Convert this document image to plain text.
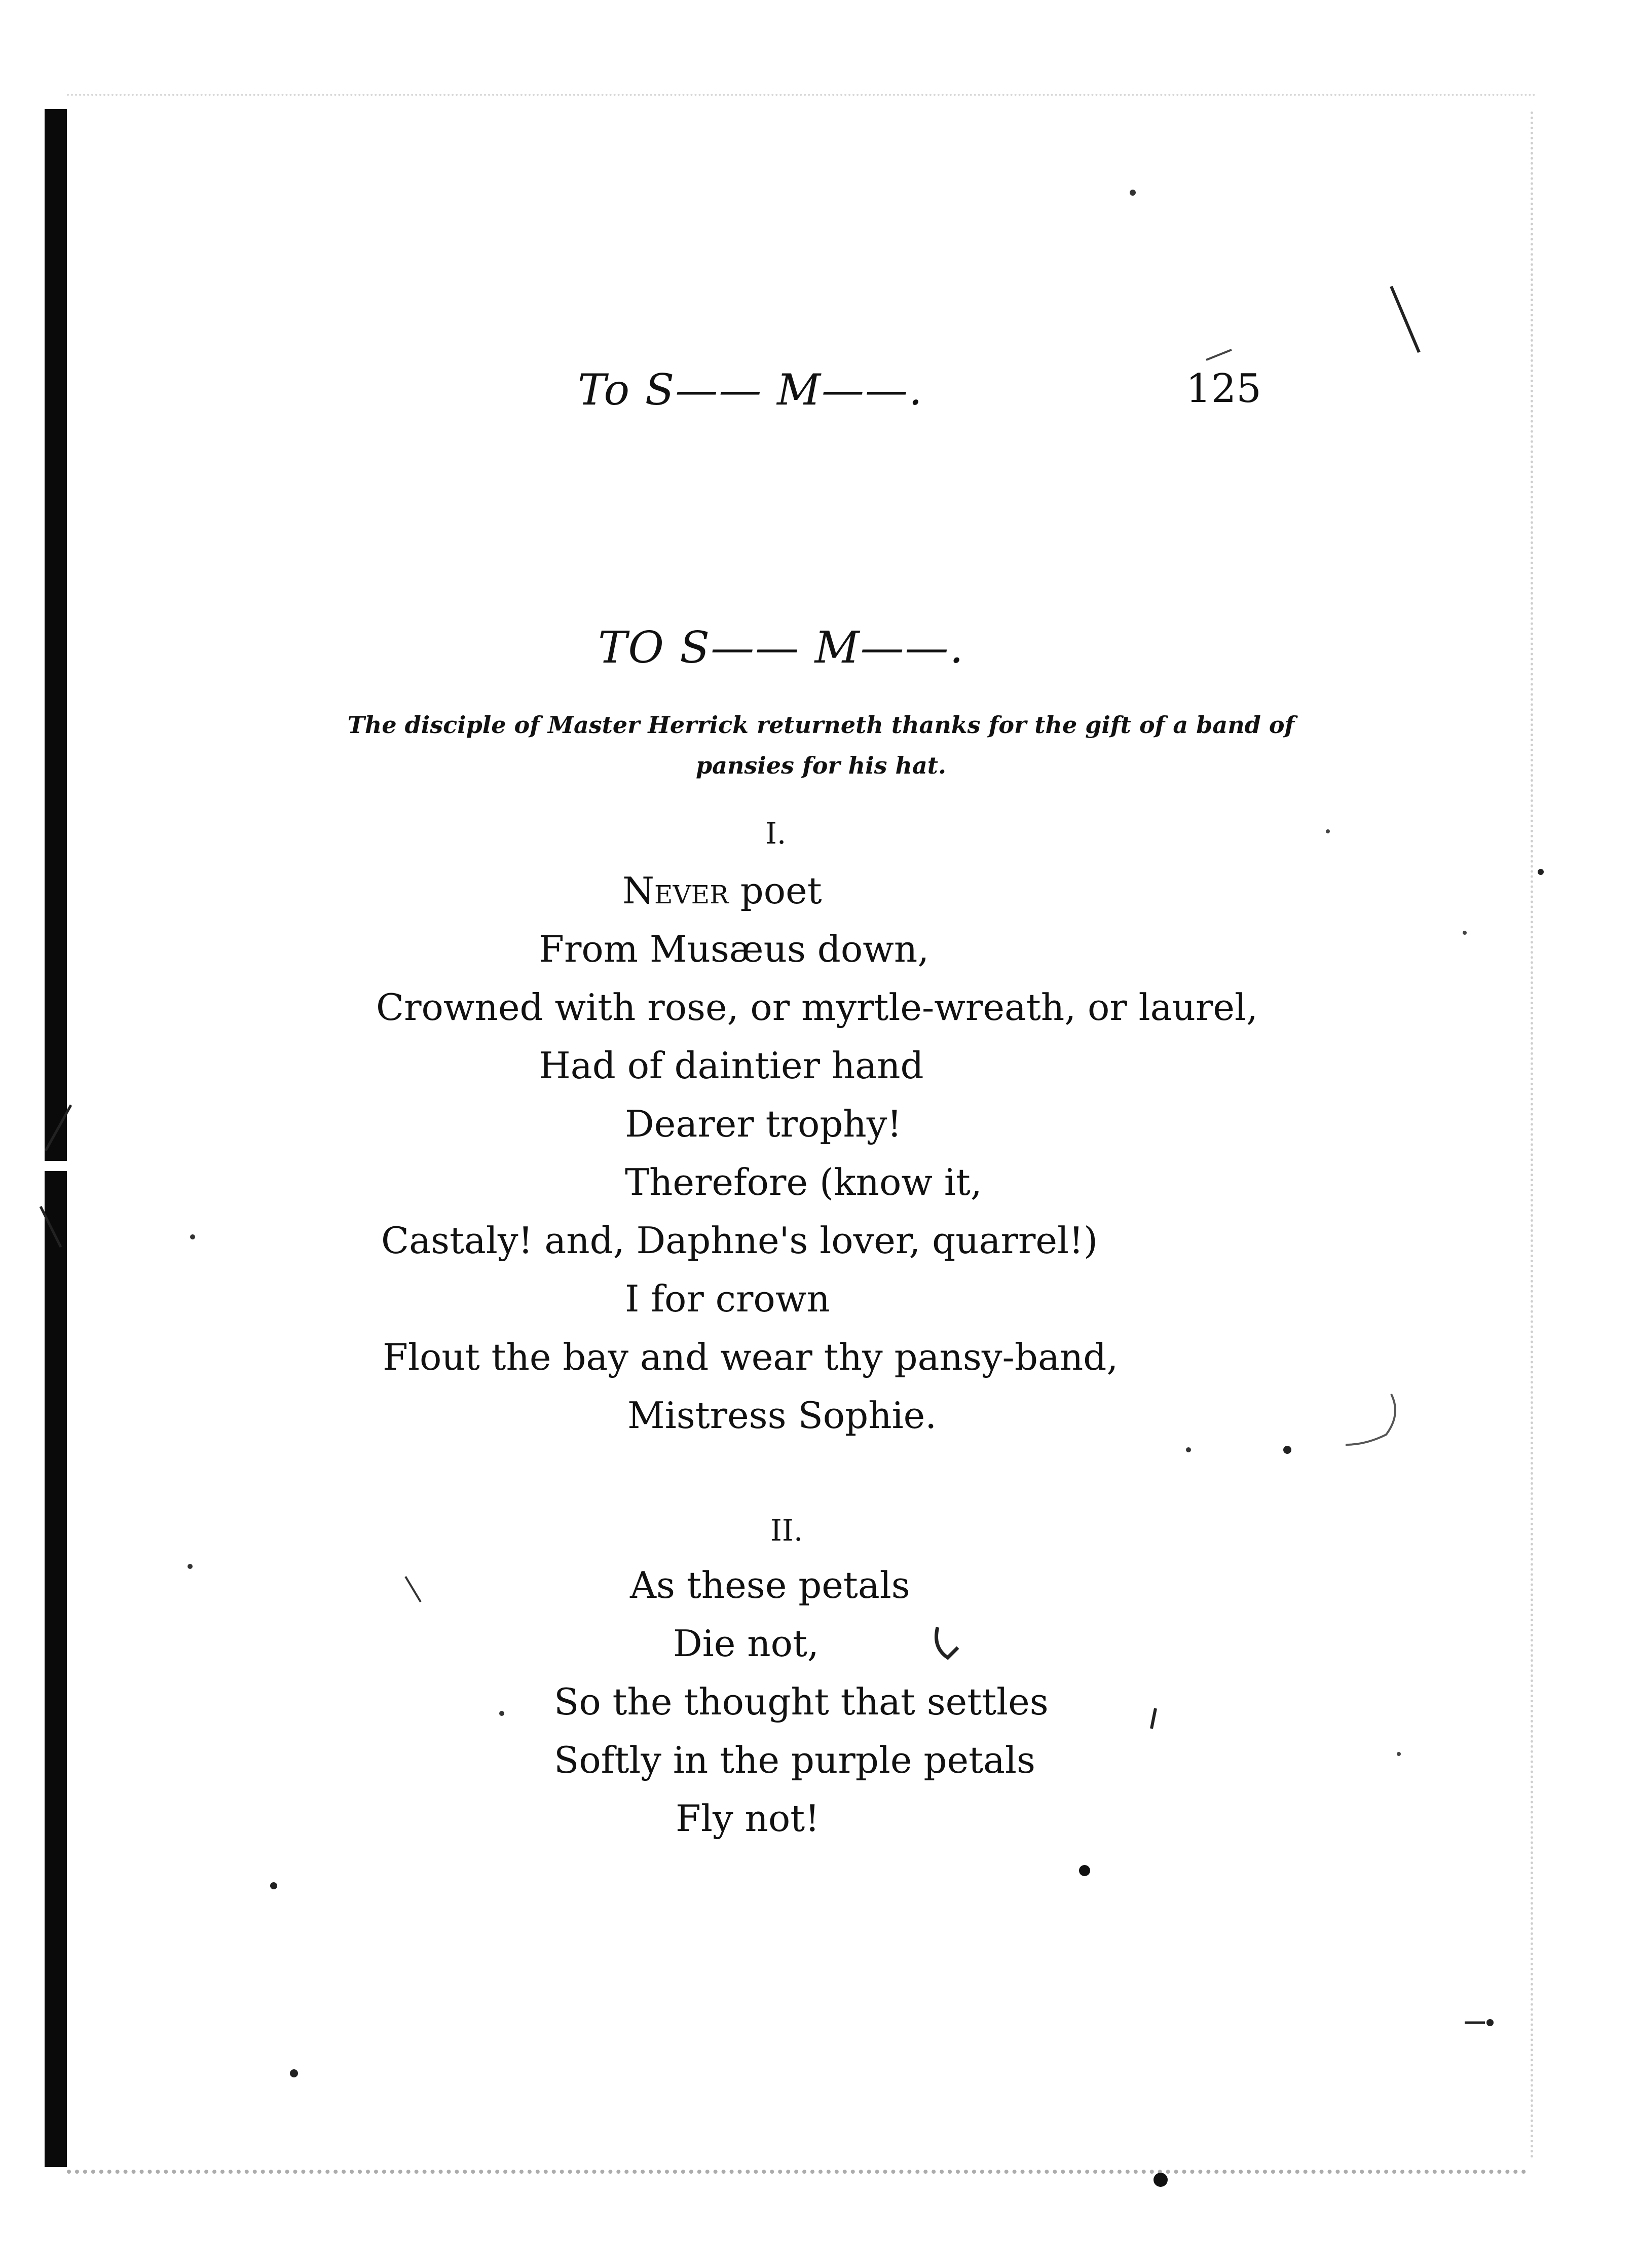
To S—— M——.	125
TO S—— M——.
The disciple of Master Herrick returneth thanks for the gift of a band of pansies for his hat.
I.
Never poet
From Musæus down,
Crowned with rose, or myrtle-wreath, or laurel,
Had of daintier hand
Dearer trophy!
Therefore (know it,
Castaly! and, Daphne's lover, quarrel!)
I for crown
Flout the bay and wear thy pansy-band,
Mistress Sophie.
II.
As these petals
Die not,
So the thought that settles
Softly in the purple petals
Fly not!
